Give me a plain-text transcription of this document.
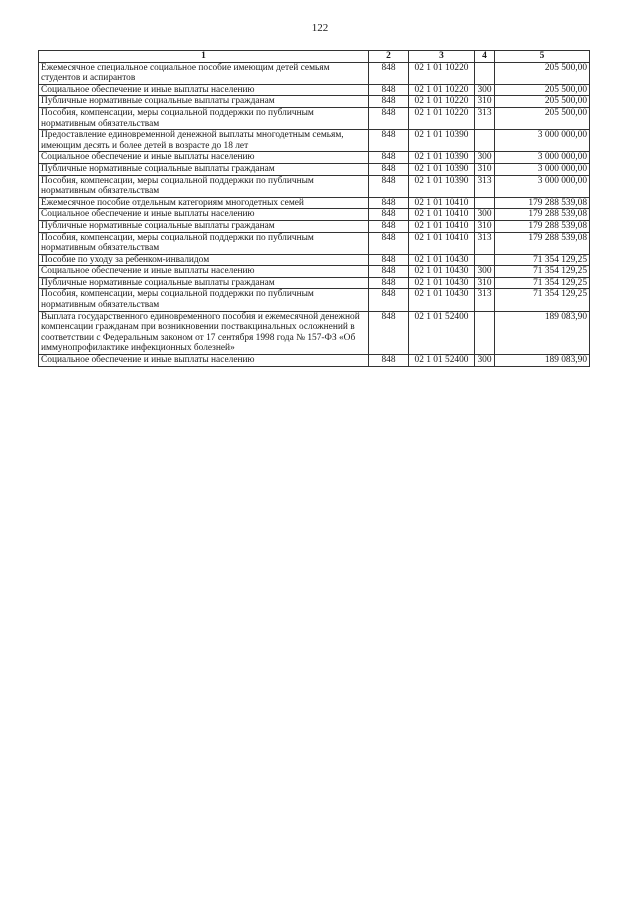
122
1	2	3	4	5
Ежемесячное специальное социальное пособие имеющим детей семьям студентов и аспирантов	848	02 1 01 10220		205 500,00
Социальное обеспечение и иные выплаты населению	848	02 1 01 10220	300	205 500,00
Публичные нормативные социальные выплаты гражданам	848	02 1 01 10220	310	205 500,00
Пособия, компенсации, меры социальной поддержки по публичным нормативным обязательствам	848	02 1 01 10220	313	205 500,00
Предоставление единовременной денежной выплаты многодетным семьям, имеющим десять и более детей в возрасте до 18 лет	848	02 1 01 10390		3 000 000,00
Социальное обеспечение и иные выплаты населению	848	02 1 01 10390	300	3 000 000,00
Публичные нормативные социальные выплаты гражданам	848	02 1 01 10390	310	3 000 000,00
Пособия, компенсации, меры социальной поддержки по публичным нормативным обязательствам	848	02 1 01 10390	313	3 000 000,00
Ежемесячное пособие отдельным категориям многодетных семей	848	02 1 01 10410		179 288 539,08
Социальное обеспечение и иные выплаты населению	848	02 1 01 10410	300	179 288 539,08
Публичные нормативные социальные выплаты гражданам	848	02 1 01 10410	310	179 288 539,08
Пособия, компенсации, меры социальной поддержки по публичным нормативным обязательствам	848	02 1 01 10410	313	179 288 539,08
Пособие по уходу за ребенком-инвалидом	848	02 1 01 10430		71 354 129,25
Социальное обеспечение и иные выплаты населению	848	02 1 01 10430	300	71 354 129,25
Публичные нормативные социальные выплаты гражданам	848	02 1 01 10430	310	71 354 129,25
Пособия, компенсации, меры социальной поддержки по публичным нормативным обязательствам	848	02 1 01 10430	313	71 354 129,25
Выплата государственного единовременного пособия и ежемесячной денежной компенсации гражданам при возникновении поствакцинальных осложнений в соответствии с Федеральным законом от 17 сентября 1998 года № 157-ФЗ «Об иммунопрофилактике инфекционных болезней»	848	02 1 01 52400		189 083,90
Социальное обеспечение и иные выплаты населению	848	02 1 01 52400	300	189 083,90
